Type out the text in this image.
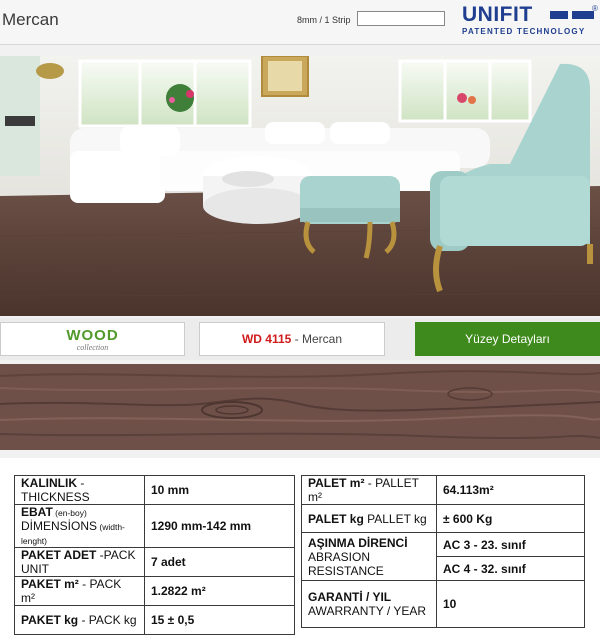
Mercan	8mm / 1 Strip	UNIFIT	®
PATENTED TECHNOLOGY
WOOD
collection
WD 4115 - Mercan	Yüzey Detayları
KALINLIK - THICKNESS	10 mm
EBAT (en-boy)
DİMENSİONS (width-lenght)	1290 mm-142 mm
PAKET ADET -PACK UNIT	7 adet
PAKET m² - PACK m²	1.2822 m²
PAKET kg - PACK kg	15 ± 0,5
PALET m² - PALLET m²	64.113m²
PALET kg PALLET kg	± 600 Kg
AŞINMA DİRENCİ
ABRASION RESISTANCE	AC 3 - 23. sınıf
	AC 4 - 32. sınıf
GARANTİ / YIL
AWARRANTY / YEAR	10
